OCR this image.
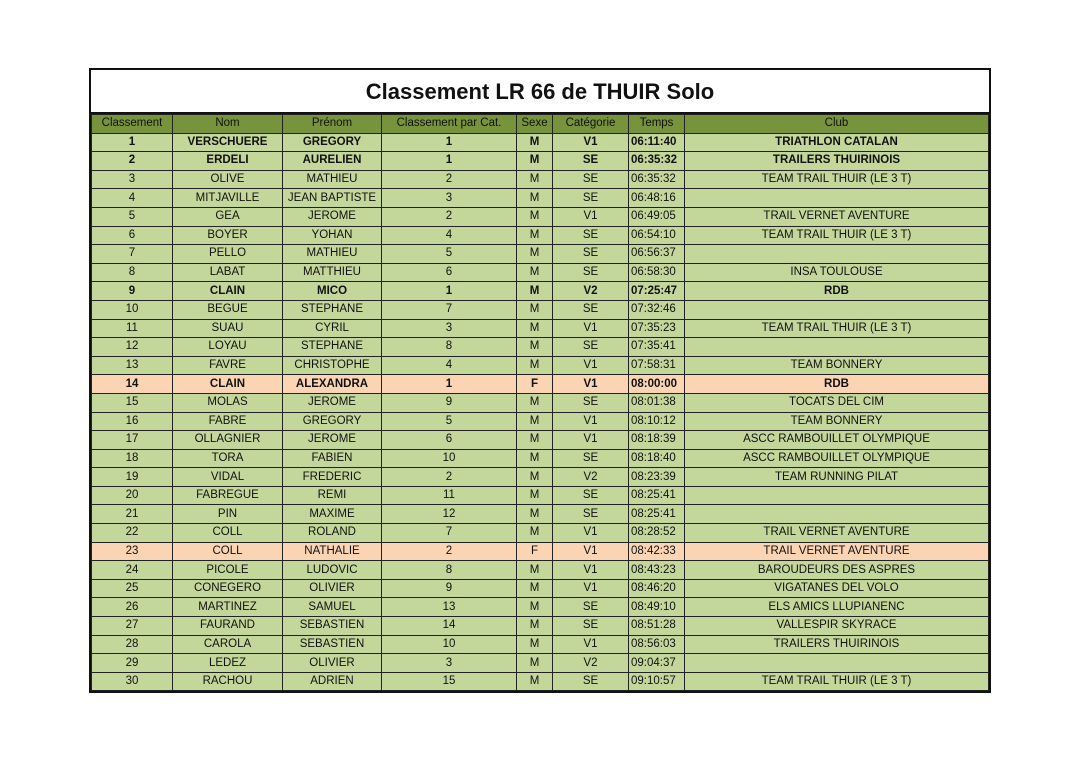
Classement LR 66 de THUIR Solo
Classement	Nom	Prénom	Classement par Cat.	Sexe	Catégorie	Temps	Club
1	VERSCHUERE	GREGORY	1	M	V1	06:11:40	TRIATHLON CATALAN
2	ERDELI	AURELIEN	1	M	SE	06:35:32	TRAILERS THUIRINOIS
3	OLIVE	MATHIEU	2	M	SE	06:35:32	TEAM TRAIL THUIR (LE 3 T)
4	MITJAVILLE	JEAN BAPTISTE	3	M	SE	06:48:16	
5	GEA	JEROME	2	M	V1	06:49:05	TRAIL VERNET AVENTURE
6	BOYER	YOHAN	4	M	SE	06:54:10	TEAM TRAIL THUIR (LE 3 T)
7	PELLO	MATHIEU	5	M	SE	06:56:37	
8	LABAT	MATTHIEU	6	M	SE	06:58:30	INSA TOULOUSE
9	CLAIN	MICO	1	M	V2	07:25:47	RDB
10	BEGUE	STEPHANE	7	M	SE	07:32:46	
11	SUAU	CYRIL	3	M	V1	07:35:23	TEAM TRAIL THUIR (LE 3 T)
12	LOYAU	STEPHANE	8	M	SE	07:35:41	
13	FAVRE	CHRISTOPHE	4	M	V1	07:58:31	TEAM BONNERY
14	CLAIN	ALEXANDRA	1	F	V1	08:00:00	RDB
15	MOLAS	JEROME	9	M	SE	08:01:38	TOCATS DEL CIM
16	FABRE	GREGORY	5	M	V1	08:10:12	TEAM BONNERY
17	OLLAGNIER	JEROME	6	M	V1	08:18:39	ASCC RAMBOUILLET OLYMPIQUE
18	TORA	FABIEN	10	M	SE	08:18:40	ASCC RAMBOUILLET OLYMPIQUE
19	VIDAL	FREDERIC	2	M	V2	08:23:39	TEAM RUNNING PILAT
20	FABREGUE	REMI	11	M	SE	08:25:41	
21	PIN	MAXIME	12	M	SE	08:25:41	
22	COLL	ROLAND	7	M	V1	08:28:52	TRAIL VERNET AVENTURE
23	COLL	NATHALIE	2	F	V1	08:42:33	TRAIL VERNET AVENTURE
24	PICOLE	LUDOVIC	8	M	V1	08:43:23	BAROUDEURS DES ASPRES
25	CONEGERO	OLIVIER	9	M	V1	08:46:20	VIGATANES DEL VOLO
26	MARTINEZ	SAMUEL	13	M	SE	08:49:10	ELS AMICS LLUPIANENC
27	FAURAND	SEBASTIEN	14	M	SE	08:51:28	VALLESPIR SKYRACE
28	CAROLA	SEBASTIEN	10	M	V1	08:56:03	TRAILERS THUIRINOIS
29	LEDEZ	OLIVIER	3	M	V2	09:04:37	
30	RACHOU	ADRIEN	15	M	SE	09:10:57	TEAM TRAIL THUIR (LE 3 T)
